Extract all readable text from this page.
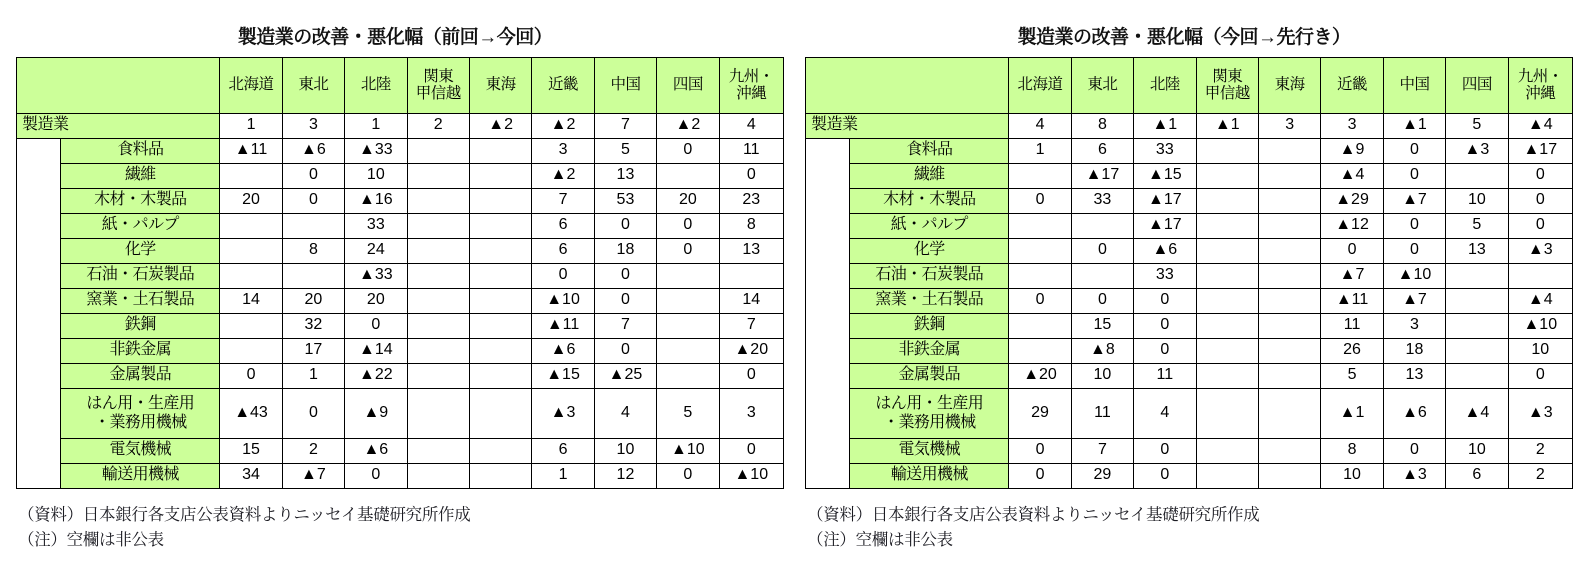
製造業の改善・悪化幅（前回→今回）
	北海道	東北	北陸	関東
甲信越
	東海	近畿	中国	四国	九州・
沖縄

製造業		1	3	1	2	▲2	▲2	7	▲2	4
	食料品	▲11	▲6	▲33			3	5	0	11
	繊維		0	10			▲2	13		0
	木材・木製品	20	0	▲16			7	53	20	23
	紙・パルプ			33			6	0	0	8
	化学		8	24			6	18	0	13
	石油・石炭製品			▲33			0	0		
	窯業・土石製品	14	20	20			▲10	0		14
	鉄鋼		32	0			▲11	7		7
	非鉄金属		17	▲14			▲6	0		▲20
	金属製品	0	1	▲22			▲15	▲25		0

	はん用・生産用
・業務用機械	▲43	0	▲9			▲3	4	5	3
	電気機械	15	2	▲6			6	10	▲10	0
	輸送用機械	34	▲7	0			1	12	0	▲10
（資料）日本銀行各支店公表資料よりニッセイ基礎研究所作成
（注）空欄は非公表
製造業の改善・悪化幅（今回→先行き）
	北海道	東北	北陸	関東
甲信越
	東海	近畿	中国	四国	九州・
沖縄

製造業		4	8	▲1	▲1	3	3	▲1	5	▲4
	食料品	1	6	33			▲9	0	▲3	▲17
	繊維		▲17	▲15			▲4	0		0
	木材・木製品	0	33	▲17			▲29	▲7	10	0
	紙・パルプ			▲17			▲12	0	5	0
	化学		0	▲6			0	0	13	▲3
	石油・石炭製品			33			▲7	▲10		
	窯業・土石製品	0	0	0			▲11	▲7		▲4
	鉄鋼		15	0			11	3		▲10
	非鉄金属		▲8	0			26	18		10
	金属製品	▲20	10	11			5	13		0

	はん用・生産用
・業務用機械	29	11	4			▲1	▲6	▲4	▲3
	電気機械	0	7	0			8	0	10	2
	輸送用機械	0	29	0			10	▲3	6	2
（資料）日本銀行各支店公表資料よりニッセイ基礎研究所作成
（注）空欄は非公表
